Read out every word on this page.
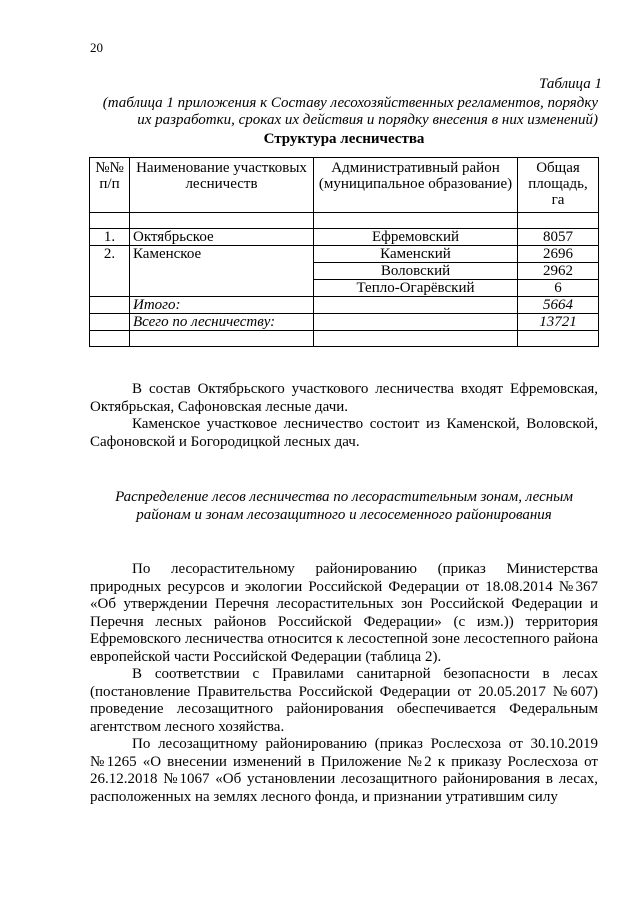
20
Таблица 1
(таблица 1 приложения к Составу лесохозяйственных регламентов, порядку их разработки, сроках их действия и порядку внесения в них изменений)
Структура лесничества
№№ п/п	Наименование участковых лесничеств	Административный район (муниципальное образование)	Общая площадь, га

1.	Октябрьское	Ефремовский	8057
2.	Каменское	Каменский	2696
		Воловский	2962
		Тепло-Огарёвский	6
	Итого:		5664
	Всего по лесничеству:		13721

В состав Октябрьского участкового лесничества входят Ефремовская, Октябрьская, Сафоновская лесные дачи.

Каменское участковое лесничество состоит из Каменской, Воловской, Сафоновской и Богородицкой лесных дач.

Распределение лесов лесничества по лесорастительным зонам, лесным районам и зонам лесозащитного и лесосеменного районирования

По лесорастительному районированию (приказ Министерства природных ресурсов и экологии Российской Федерации от 18.08.2014 №367 «Об утверждении Перечня лесорастительных зон Российской Федерации и Перечня лесных районов Российской Федерации» (с изм.)) территория Ефремовского лесничества относится к лесостепной зоне лесостепного района европейской части Российской Федерации (таблица 2).

В соответствии с Правилами санитарной безопасности в лесах (постановление Правительства Российской Федерации от 20.05.2017 №607) проведение лесозащитного районирования обеспечивается Федеральным агентством лесного хозяйства.

По лесозащитному районированию (приказ Рослесхоза от 30.10.2019 №1265 «О внесении изменений в Приложение №2 к приказу Рослесхоза от 26.12.2018 №1067 «Об установлении лесозащитного районирования в лесах, расположенных на землях лесного фонда, и признании утратившим силу
